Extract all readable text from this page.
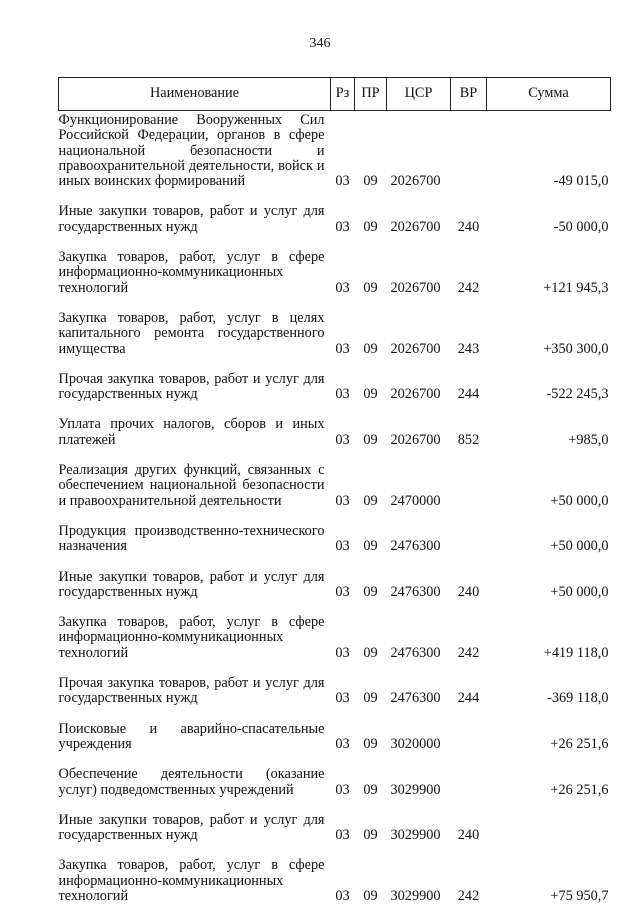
346
Наименование	Рз	ПР	ЦСР	ВР	Сумма
Функционирование Вооруженных Сил Российской Федерации, органов в сфере национальной безопасности и правоохранительной деятельности, войск и иных воинских формирований	03	09	2026700		-49 015,0
Иные закупки товаров, работ и услуг для государственных нужд	03	09	2026700	240	-50 000,0
Закупка товаров, работ, услуг в сфере информационно-коммуникационных технологий	03	09	2026700	242	+121 945,3
Закупка товаров, работ, услуг в целях капитального ремонта государственного имущества	03	09	2026700	243	+350 300,0
Прочая закупка товаров, работ и услуг для государственных нужд	03	09	2026700	244	-522 245,3
Уплата прочих налогов, сборов и иных платежей	03	09	2026700	852	+985,0
Реализация других функций, связанных с обеспечением национальной безопасности и правоохранительной деятельности	03	09	2470000		+50 000,0
Продукция производственно-технического назначения	03	09	2476300		+50 000,0
Иные закупки товаров, работ и услуг для государственных нужд	03	09	2476300	240	+50 000,0
Закупка товаров, работ, услуг в сфере информационно-коммуникационных технологий	03	09	2476300	242	+419 118,0
Прочая закупка товаров, работ и услуг для государственных нужд	03	09	2476300	244	-369 118,0
Поисковые и аварийно-спасательные учреждения	03	09	3020000		+26 251,6
Обеспечение деятельности (оказание услуг) подведомственных учреждений	03	09	3029900		+26 251,6
Иные закупки товаров, работ и услуг для государственных нужд	03	09	3029900	240	
Закупка товаров, работ, услуг в сфере информационно-коммуникационных технологий	03	09	3029900	242	+75 950,7
